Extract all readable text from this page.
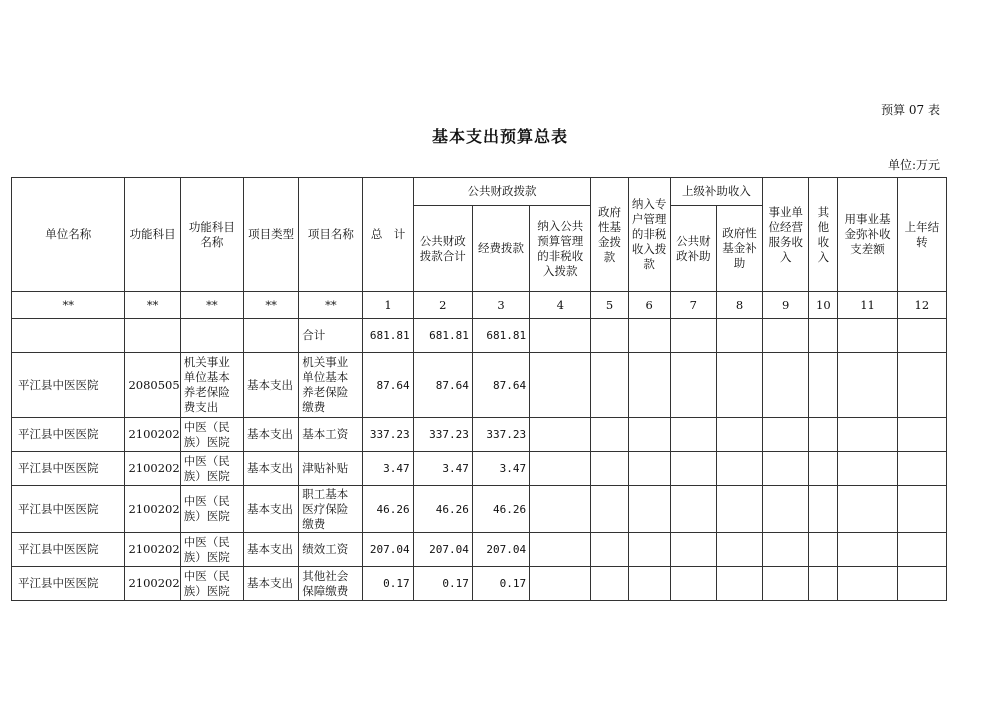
预算 07 表
基本支出预算总表
单位:万元
单位名称	功能科目	功能科目名称	项目类型	项目名称	总　计	公共财政拨款			政府性基金拨款	纳入专户管理的非税收入拨款	上级补助收入		事业单位经营服务收入	其他收入	用事业基金弥补收支差额	上年结转
						公共财政拨款合计	经费拨款	纳入公共预算管理的非税收入拨款			公共财政补助	政府性基金补助				
**	**	**	**	**	1	2	3	4	5	6	7	8	9	10	11	12
				合计	681.81	681.81	681.81									
平江县中医医院	2080505	机关事业单位基本养老保险费支出	基本支出	机关事业单位基本养老保险缴费	87.64	87.64	87.64									
平江县中医医院	2100202	中医（民族）医院	基本支出	基本工资	337.23	337.23	337.23									
平江县中医医院	2100202	中医（民族）医院	基本支出	津贴补贴	3.47	3.47	3.47									
平江县中医医院	2100202	中医（民族）医院	基本支出	职工基本医疗保险缴费	46.26	46.26	46.26									
平江县中医医院	2100202	中医（民族）医院	基本支出	绩效工资	207.04	207.04	207.04									
平江县中医医院	2100202	中医（民族）医院	基本支出	其他社会保障缴费	0.17	0.17	0.17									
